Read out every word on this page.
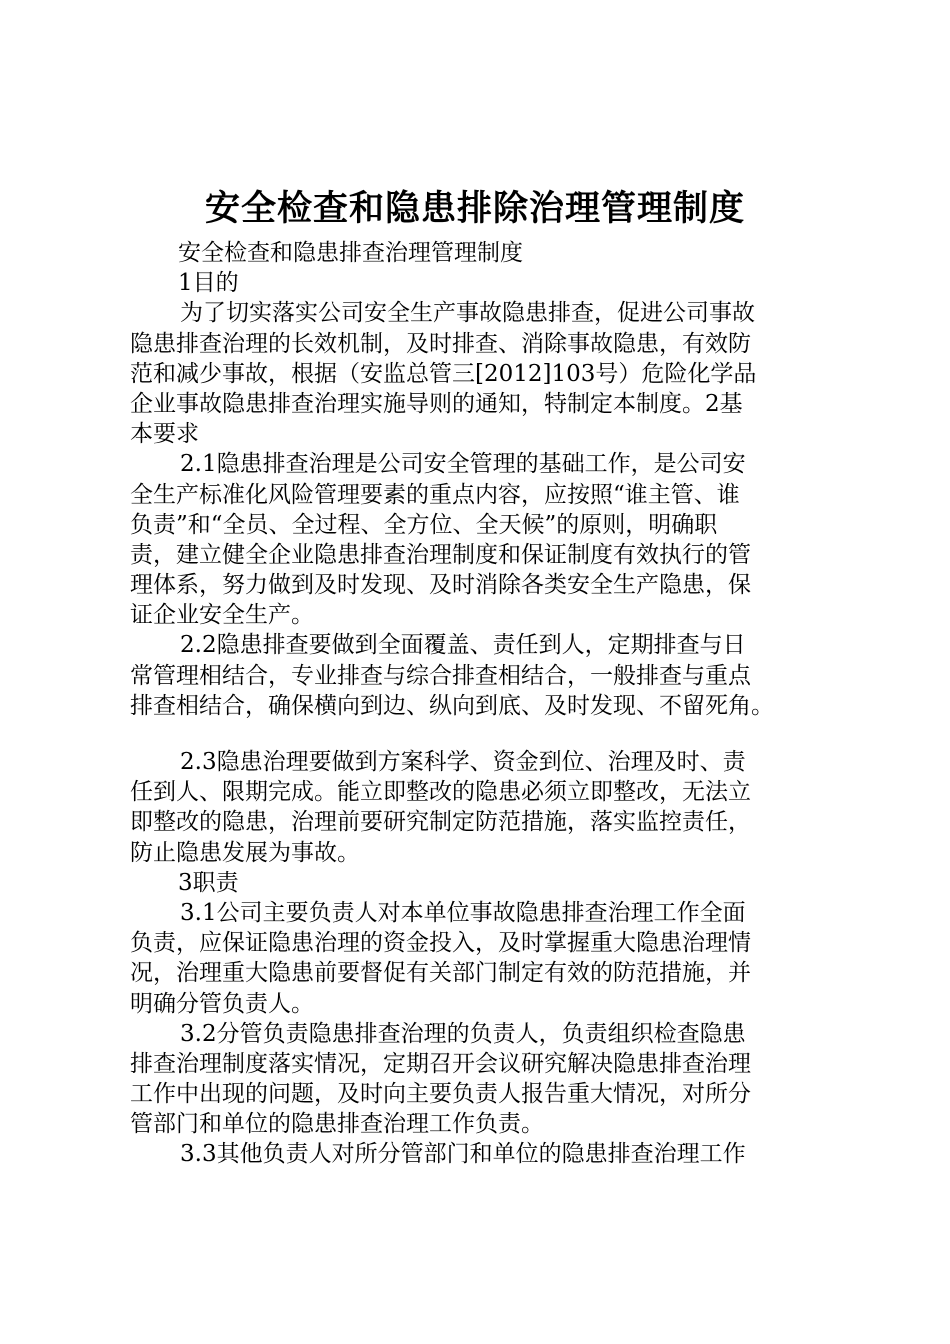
安全检查和隐患排除治理管理制度
安全检查和隐患排查治理管理制度
1目的
为了切实落实公司安全生产事故隐患排查，促进公司事故
隐患排查治理的长效机制，及时排查、消除事故隐患，有效防
范和减少事故，根据（安监总管三[2012]103号）危险化学品
企业事故隐患排查治理实施导则的通知，特制定本制度。2基
本要求
2.1隐患排查治理是公司安全管理的基础工作，是公司安
全生产标准化风险管理要素的重点内容，应按照“谁主管、谁
负责”和“全员、全过程、全方位、全天候”的原则，明确职
责，建立健全企业隐患排查治理制度和保证制度有效执行的管
理体系，努力做到及时发现、及时消除各类安全生产隐患，保
证企业安全生产。
2.2隐患排查要做到全面覆盖、责任到人，定期排查与日
常管理相结合，专业排查与综合排查相结合，一般排查与重点
排查相结合，确保横向到边、纵向到底、及时发现、不留死角。
2.3隐患治理要做到方案科学、资金到位、治理及时、责
任到人、限期完成。能立即整改的隐患必须立即整改，无法立
即整改的隐患，治理前要研究制定防范措施，落实监控责任，
防止隐患发展为事故。
3职责
3.1公司主要负责人对本单位事故隐患排查治理工作全面
负责，应保证隐患治理的资金投入，及时掌握重大隐患治理情
况，治理重大隐患前要督促有关部门制定有效的防范措施，并
明确分管负责人。
3.2分管负责隐患排查治理的负责人，负责组织检查隐患
排查治理制度落实情况，定期召开会议研究解决隐患排查治理
工作中出现的问题，及时向主要负责人报告重大情况，对所分
管部门和单位的隐患排查治理工作负责。
3.3其他负责人对所分管部门和单位的隐患排查治理工作
